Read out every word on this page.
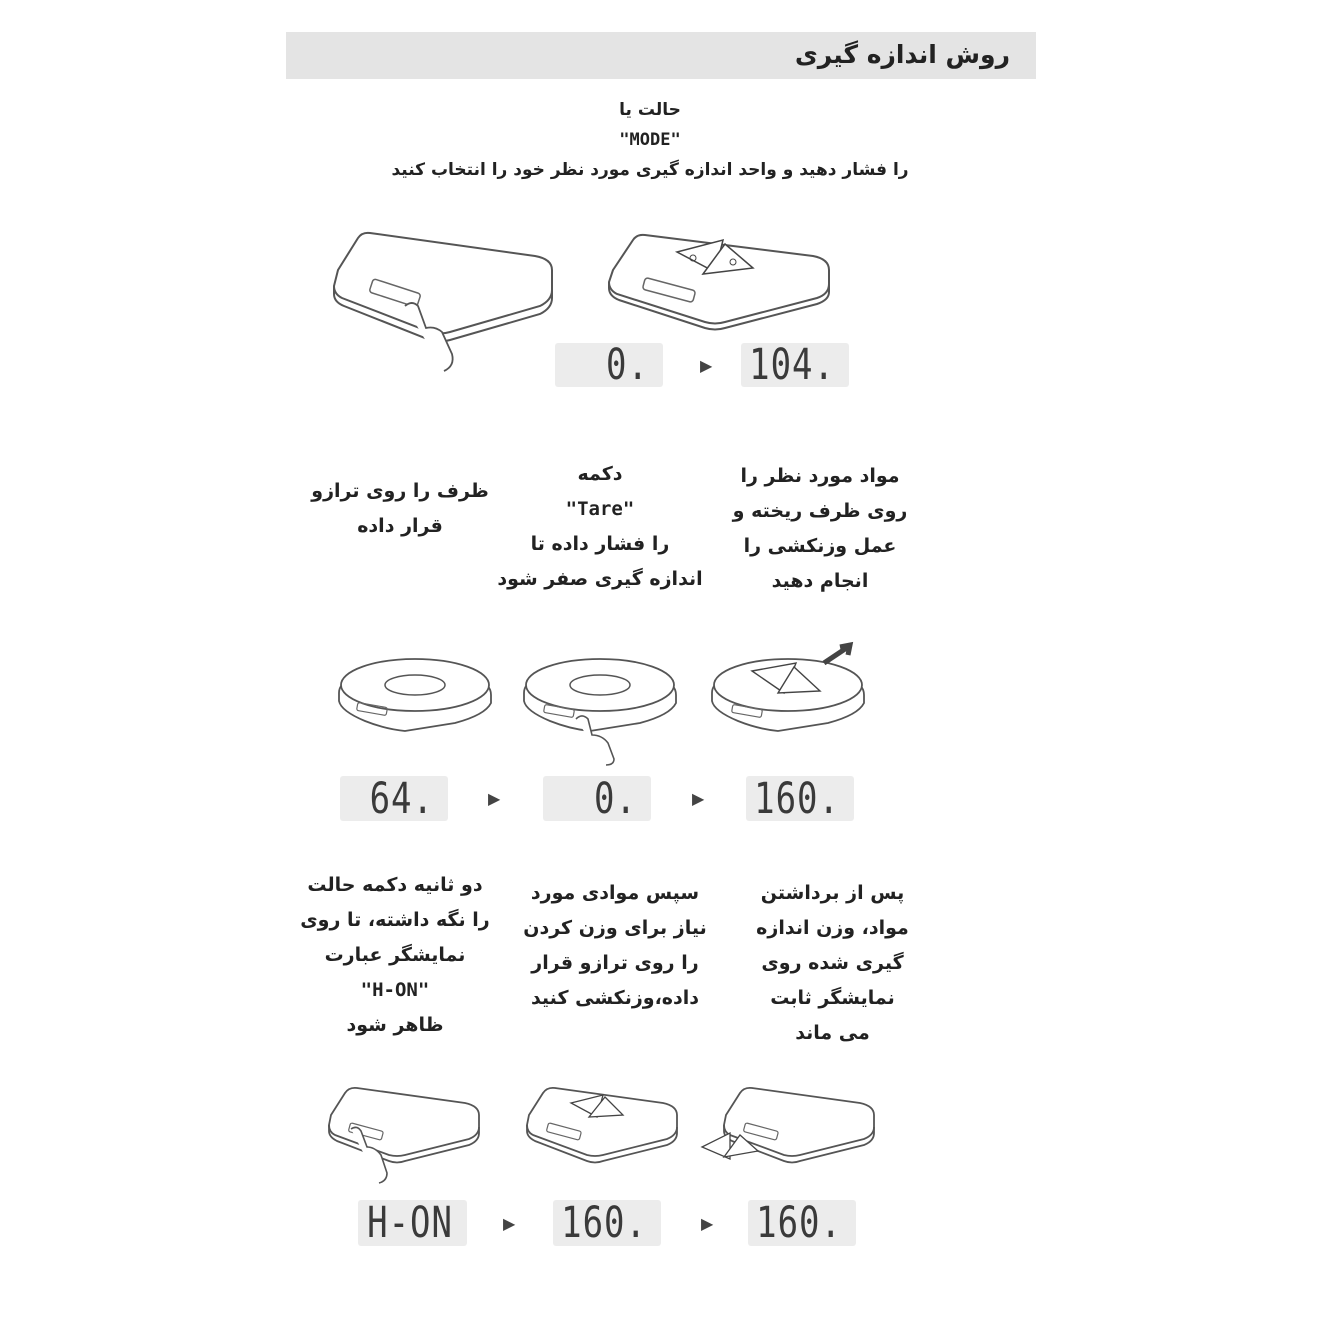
روش اندازه گیری
حالت یا
"MODE"
را فشار دهید و واحد اندازه گیری مورد نظر خود را انتخاب کنید
0.	▶ 104.
ظرف را روی ترازو
قرار داده
دکمه
"Tare"
را فشار داده تا
اندازه گیری صفر شود
مواد مورد نظر را
روی ظرف ریخته و
عمل وزنکشی را
انجام دهید
64.	▶	0.	▶ 160.
دو ثانیه دکمه حالت
را نگه داشته، تا روی
نمایشگر عبارت
"H-ON"
ظاهر شود
سپس موادی مورد
نیاز برای وزن کردن
را روی ترازو قرار
داده،وزنکشی کنید
پس از برداشتن
مواد، وزن اندازه
گیری شده روی
نمایشگر ثابت
می ماند
H-ON	▶ 160.	▶ 160.
